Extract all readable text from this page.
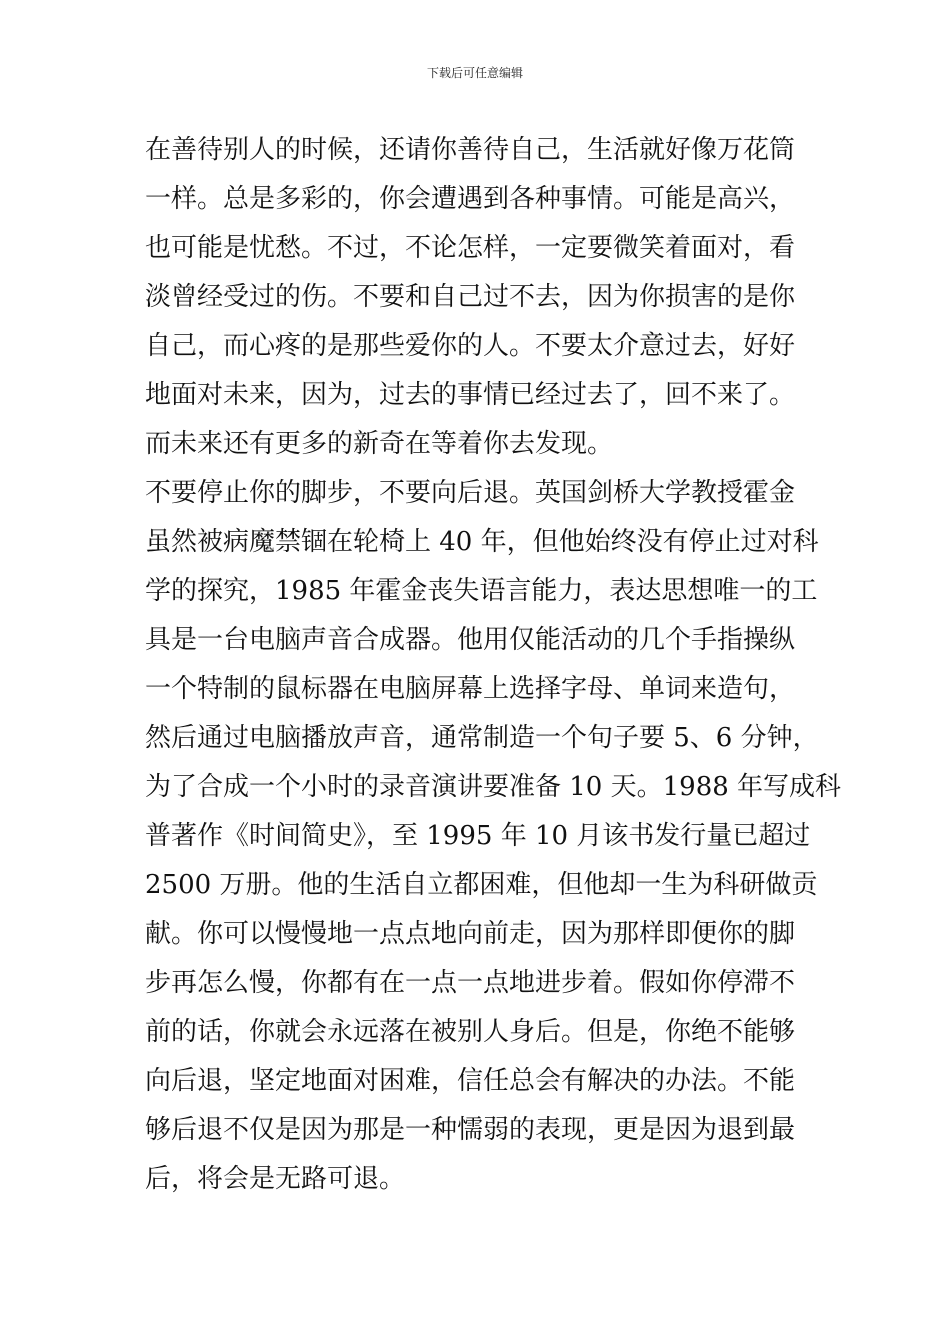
下载后可任意编辑
在善待别人的时候，还请你善待自己，生活就好像万花筒
一样。总是多彩的，你会遭遇到各种事情。可能是高兴，
也可能是忧愁。不过，不论怎样，一定要微笑着面对，看
淡曾经受过的伤。不要和自己过不去，因为你损害的是你
自己，而心疼的是那些爱你的人。不要太介意过去，好好
地面对未来，因为，过去的事情已经过去了，回不来了。
而未来还有更多的新奇在等着你去发现。
不要停止你的脚步，不要向后退。英国剑桥大学教授霍金
虽然被病魔禁锢在轮椅上 40 年，但他始终没有停止过对科
学的探究，1985 年霍金丧失语言能力，表达思想唯一的工
具是一台电脑声音合成器。他用仅能活动的几个手指操纵
一个特制的鼠标器在电脑屏幕上选择字母、单词来造句，
然后通过电脑播放声音，通常制造一个句子要 5、6 分钟，
为了合成一个小时的录音演讲要准备 10 天。1988 年写成科
普著作《时间简史》，至 1995 年 10 月该书发行量已超过
2500 万册。他的生活自立都困难，但他却一生为科研做贡
献。你可以慢慢地一点点地向前走，因为那样即便你的脚
步再怎么慢，你都有在一点一点地进步着。假如你停滞不
前的话，你就会永远落在被别人身后。但是，你绝不能够
向后退，坚定地面对困难，信任总会有解决的办法。不能
够后退不仅是因为那是一种懦弱的表现，更是因为退到最
后，将会是无路可退。
